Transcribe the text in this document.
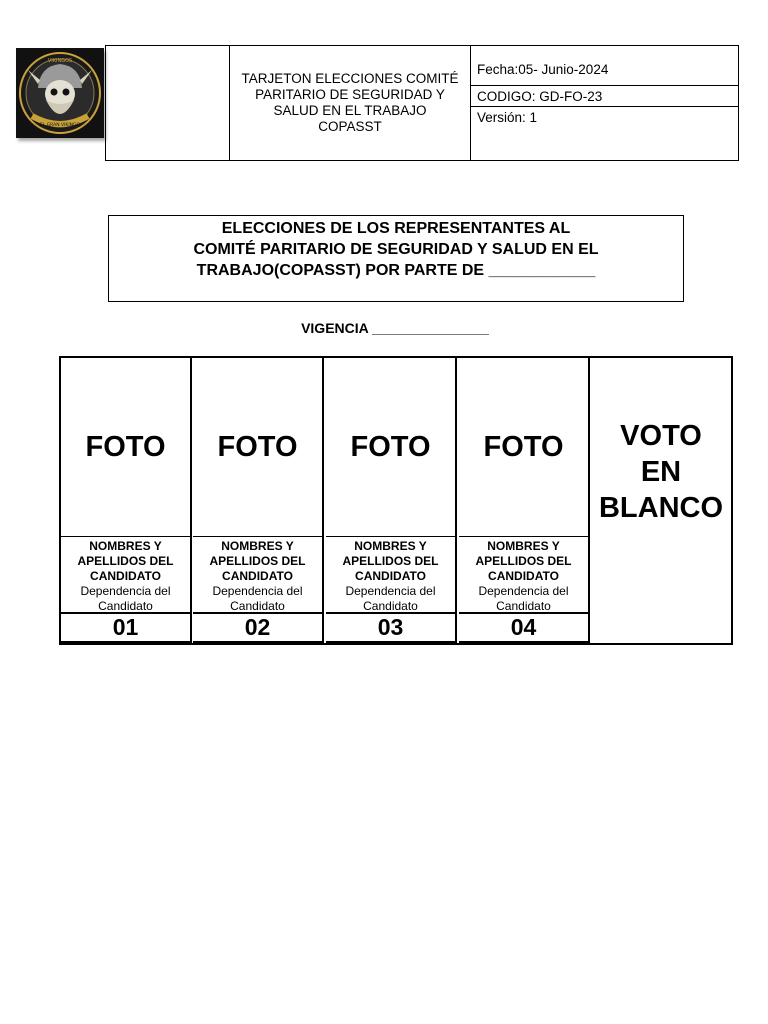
VIKINGOS
EL GRAN VIKINGO
TARJETON ELECCIONES COMITÉ
PARITARIO DE SEGURIDAD Y
SALUD EN EL TRABAJO
COPASST
Fecha:05- Junio-2024
CODIGO: GD-FO-23
Versión: 1
ELECCIONES DE LOS REPRESENTANTES AL
COMITÉ PARITARIO DE SEGURIDAD Y SALUD EN EL
TRABAJO(COPASST) POR PARTE DE ____________
VIGENCIA _______________
FOTO
NOMBRES Y
APELLIDOS DEL
CANDIDATO
Dependencia del
Candidato
01
FOTO
NOMBRES Y
APELLIDOS DEL
CANDIDATO
Dependencia del
Candidato
02
FOTO
NOMBRES Y
APELLIDOS DEL
CANDIDATO
Dependencia del
Candidato
03
FOTO
NOMBRES Y
APELLIDOS DEL
CANDIDATO
Dependencia del
Candidato
04
VOTO
EN
BLANCO
